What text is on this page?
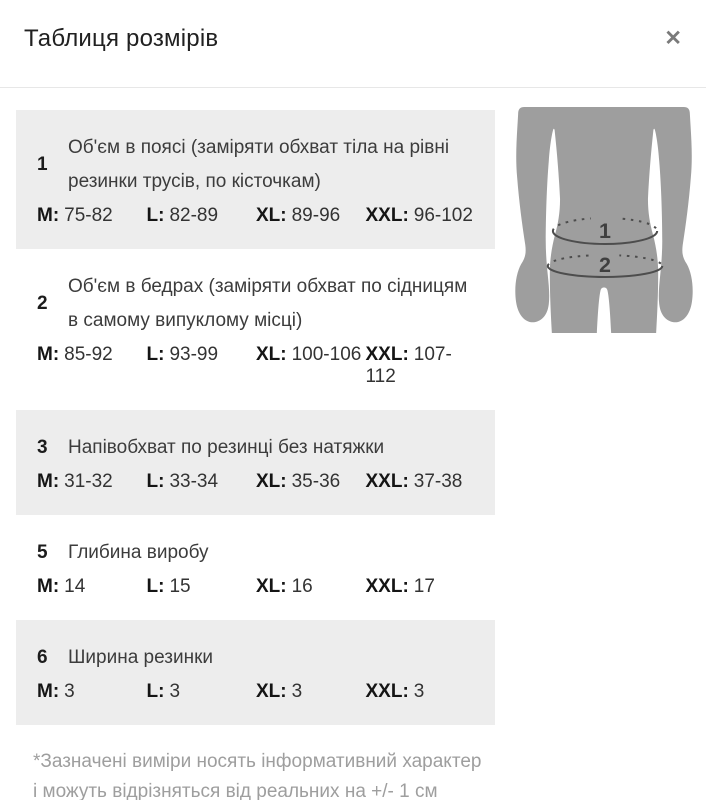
Таблиця розмірів	✕
1
Об'єм в поясі (заміряти обхват тіла на рівні резинки трусів, по кісточкам)
M: 75-82	L: 82-89	XL: 89-96	XXL: 96-102
2
Об'єм в бедрах (заміряти обхват по сідницям в самому випуклому місці)
M: 85-92	L: 93-99	XL: 100-106 XXL: 107-112
3	Напівобхват по резинці без натяжки
M: 31-32	L: 33-34	XL: 35-36	XXL: 37-38
5	Глибина виробу
M: 14	L: 15	XL: 16	XXL: 17
6	Ширина резинки
M: 3	L: 3	XL: 3	XXL: 3

*Зазначені виміри носять інформативний характер
і можуть відрізняться від реальних на +/- 1 см

1
2
